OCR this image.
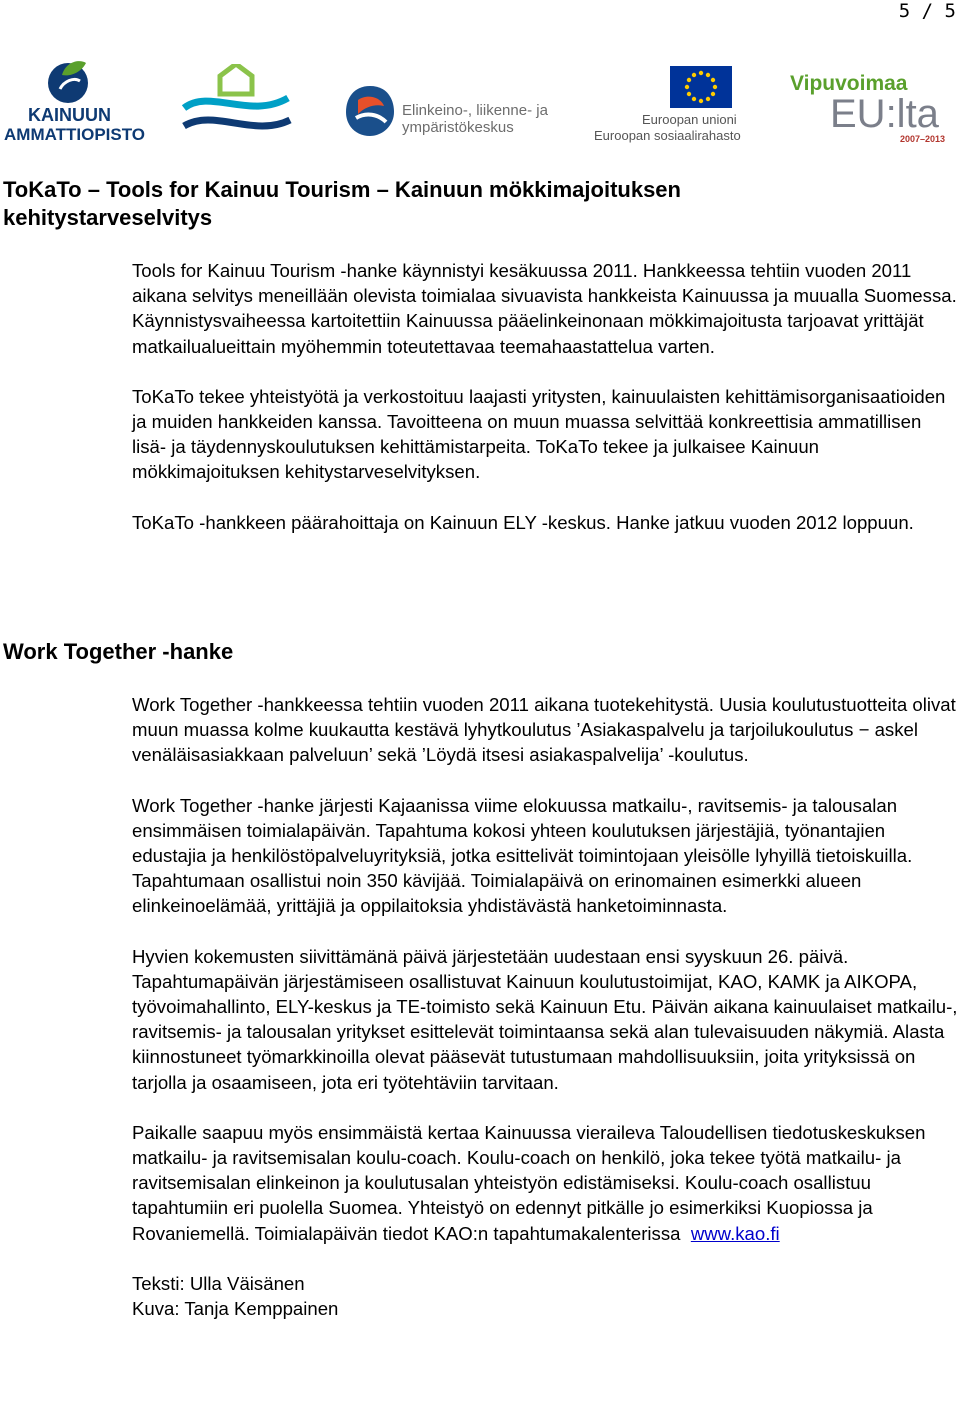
5 / 5
KAINUUN
AMMATTIOPISTO
Elinkeino-, liikenne- ja
ympäristökeskus	Euroopan unioni
Euroopan sosiaalirahasto
Vipuvoimaa
EU:lta
2007–2013
ToKaTo – Tools for Kainuu Tourism – Kainuun mökkimajoituksen
kehitystarveselvitys

Tools for Kainuu Tourism -hanke käynnistyi kesäkuussa 2011. Hankkeessa tehtiin vuoden 2011 aikana selvitys meneillään olevista toimialaa sivuavista hankkeista Kainuussa ja muualla Suomessa. Käynnistysvaiheessa kartoitettiin Kainuussa pääelinkeinonaan mökkimajoitusta tarjoavat yrittäjät matkailualueittain myöhemmin toteutettavaa teemahaastattelua varten.

ToKaTo tekee yhteistyötä ja verkostoituu laajasti yritysten, kainuulaisten kehittämisorganisaatioiden ja muiden hankkeiden kanssa. Tavoitteena on muun muassa selvittää konkreettisia ammatillisen lisä- ja täydennyskoulutuksen kehittämistarpeita. ToKaTo tekee ja julkaisee Kainuun mökkimajoituksen kehitystarveselvityksen.

ToKaTo -hankkeen päärahoittaja on Kainuun ELY -keskus. Hanke jatkuu vuoden 2012 loppuun.

Work Together -hanke

Work Together -hankkeessa tehtiin vuoden 2011 aikana tuotekehitystä. Uusia koulutustuotteita olivat muun muassa kolme kuukautta kestävä lyhytkoulutus ’Asiakaspalvelu ja tarjoilukoulutus − askel venäläisasiakkaan palveluun’ sekä ’Löydä itsesi asiakaspalvelija’ -koulutus.

Work Together -hanke järjesti Kajaanissa viime elokuussa matkailu-, ravitsemis- ja talousalan ensimmäisen toimialapäivän. Tapahtuma kokosi yhteen koulutuksen järjestäjiä, työnantajien edustajia ja henkilöstöpalveluyrityksiä, jotka esittelivät toimintojaan yleisölle lyhyillä tietoiskuilla. Tapahtumaan osallistui noin 350 kävijää. Toimialapäivä on erinomainen esimerkki alueen elinkeinoelämää, yrittäjiä ja oppilaitoksia yhdistävästä hanketoiminnasta.

Hyvien kokemusten siivittämänä päivä järjestetään uudestaan ensi syyskuun 26. päivä. Tapahtumapäivän järjestämiseen osallistuvat Kainuun koulutustoimijat, KAO, KAMK ja AIKOPA, työvoimahallinto, ELY-keskus ja TE-toimisto sekä Kainuun Etu. Päivän aikana kainuulaiset matkailu-, ravitsemis- ja talousalan yritykset esittelevät toimintaansa sekä alan tulevaisuuden näkymiä. Alasta kiinnostuneet työmarkkinoilla olevat pääsevät tutustumaan mahdollisuuksiin, joita yrityksissä on tarjolla ja osaamiseen, jota eri työtehtäviin tarvitaan.

Paikalle saapuu myös ensimmäistä kertaa Kainuussa vieraileva Taloudellisen tiedotuskeskuksen matkailu- ja ravitsemisalan koulu-coach. Koulu-coach on henkilö, joka tekee työtä matkailu- ja ravitsemisalan elinkeinon ja koulutusalan yhteistyön edistämiseksi. Koulu-coach osallistuu tapahtumiin eri puolella Suomea. Yhteistyö on edennyt pitkälle jo esimerkiksi Kuopiossa ja Rovaniemellä. Toimialapäivän tiedot KAO:n tapahtumakalenterissa www.kao.fi

Teksti: Ulla Väisänen
Kuva: Tanja Kemppainen
